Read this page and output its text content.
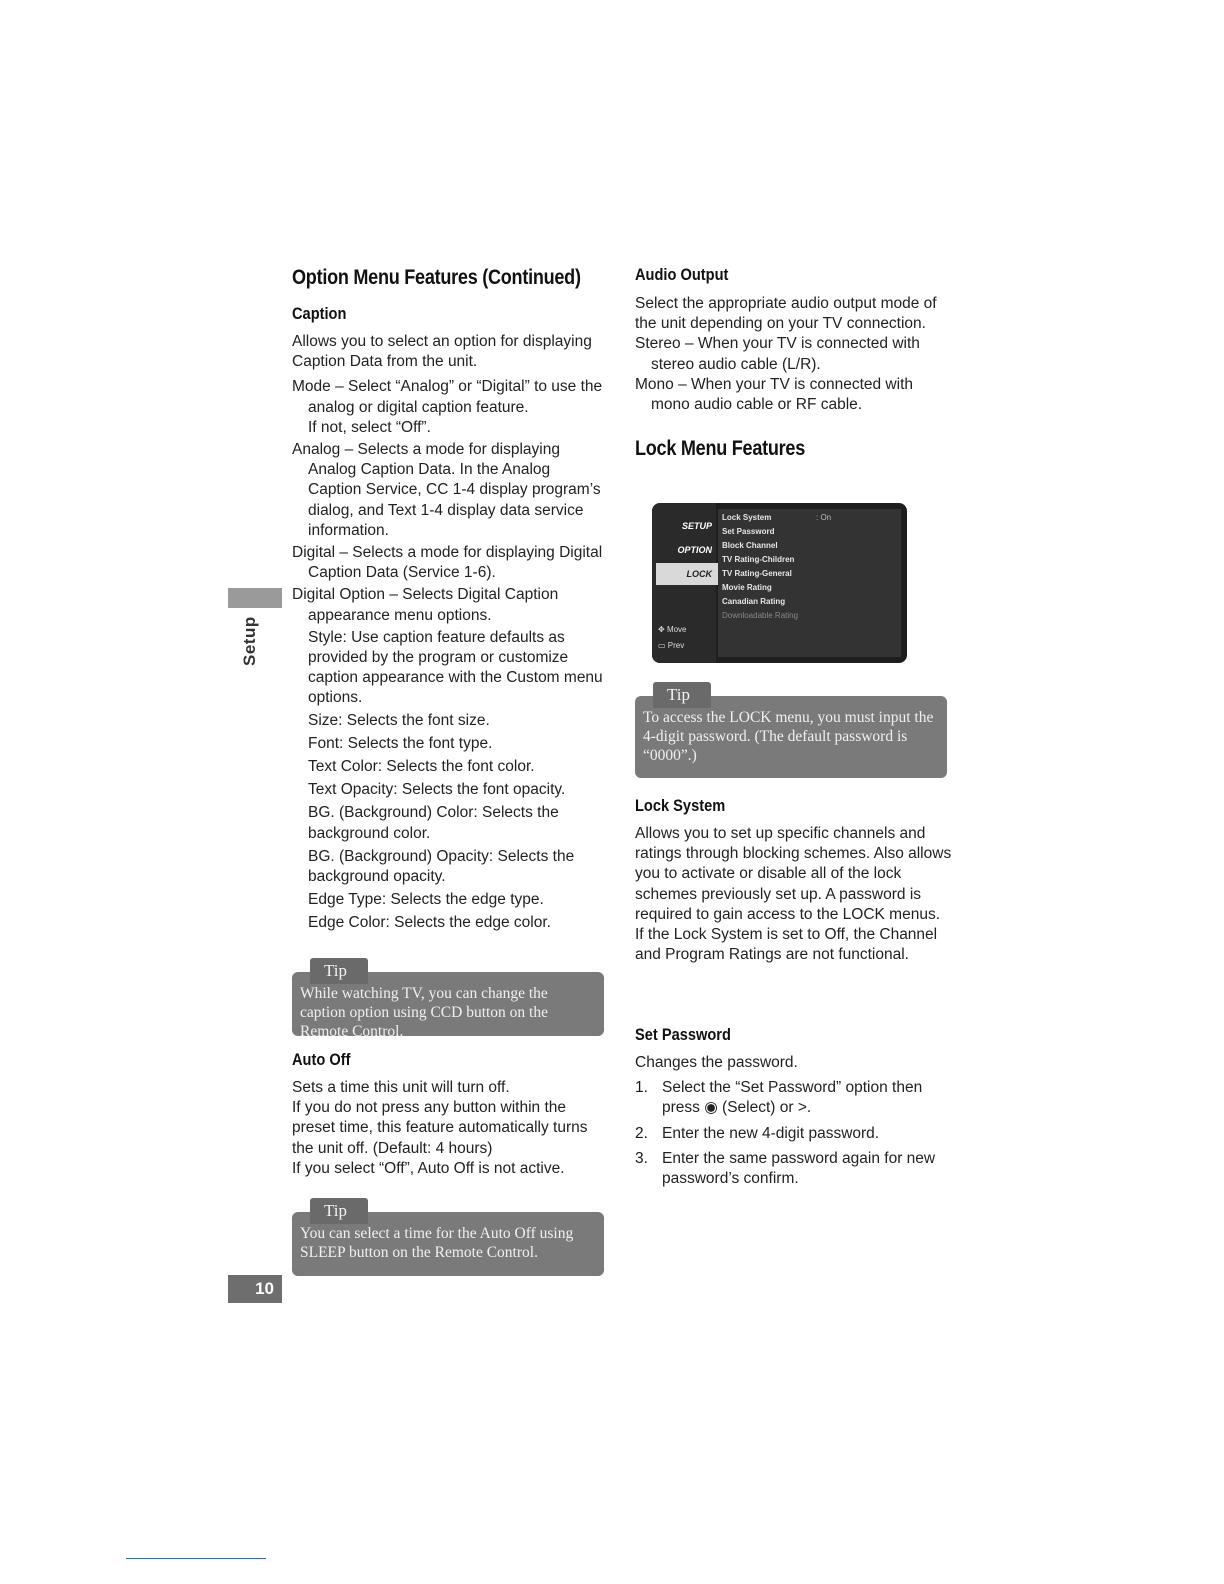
Setup
Option Menu Features (Continued)
Caption

Allows you to select an option for displaying Caption Data from the unit.

Mode – Select “Analog” or “Digital” to use the analog or digital caption feature.

If not, select “Off”.

Analog – Selects a mode for displaying Analog Caption Data. In the Analog Caption Service, CC 1-4 display program’s dialog, and Text 1-4 display data service information.

Digital – Selects a mode for displaying Digital Caption Data (Service 1-6).

Digital Option – Selects Digital Caption appearance menu options.

Style: Use caption feature defaults as provided by the program or customize caption appearance with the Custom menu options.

Size: Selects the font size.

Font: Selects the font type.

Text Color: Selects the font color.

Text Opacity: Selects the font opacity.

BG. (Background) Color: Selects the background color.

BG. (Background) Opacity: Selects the background opacity.

Edge Type: Selects the edge type.

Edge Color: Selects the edge color.

While watching TV, you can change the caption option using CCD button on the Remote Control.
Tip
Auto Off

Sets a time this unit will turn off.

If you do not press any button within the preset time, this feature automatically turns the unit off. (Default: 4 hours)

If you select “Off”, Auto Off is not active.

You can select a time for the Auto Off using SLEEP button on the Remote Control.
Tip
10
Audio Output

Select the appropriate audio output mode of the unit depending on your TV connection.

Stereo – When your TV is connected with stereo audio cable (L/R).

Mono – When your TV is connected with mono audio cable or RF cable.

Lock Menu Features
SETUP
OPTION
LOCK
✥ Move
▭ Prev
Lock System	: On
Set Password
Block Channel
TV Rating-Children
TV Rating-General
Movie Rating
Canadian Rating
Downloadable Rating
To access the LOCK menu, you must input the 4-digit password. (The default password is “0000”.)
Tip
Lock System

Allows you to set up specific channels and ratings through blocking schemes. Also allows you to activate or disable all of the lock schemes previously set up. A password is required to gain access to the LOCK menus.

If the Lock System is set to Off, the Channel and Program Ratings are not functional.

Set Password

Changes the password.

1. Select the “Set Password” option then press ◉ (Select) or >.

2. Enter the new 4-digit password.

3. Enter the same password again for new password’s confirm.
